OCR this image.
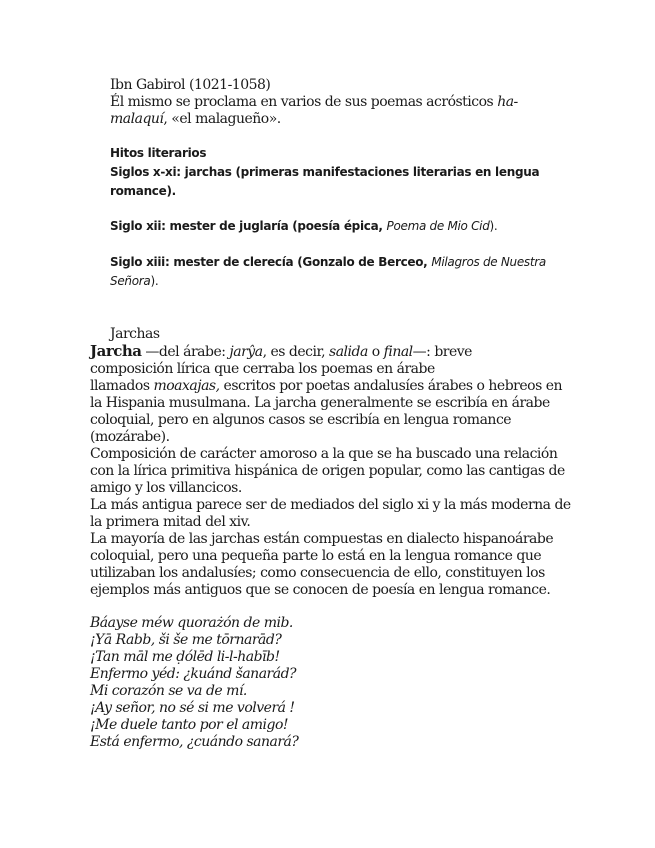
Ibn Gabirol (1021-1058)

Él mismo se proclama en varios de sus poemas acrósticos ha-

malaquí, «el malagueño».

Hitos literarios

Siglos x-xi: jarchas (primeras manifestaciones literarias en lengua

romance).

Siglo xii: mester de juglaría (poesía épica, Poema de Mio Cid).

Siglo xiii: mester de clerecía (Gonzalo de Berceo, Milagros de Nuestra

Señora).

Jarchas

Jarcha —del árabe: jarŷa, es decir, salida o final—: breve

composición lírica que cerraba los poemas en árabe

llamados moaxajas, escritos por poetas andalusíes árabes o hebreos en

la Hispania musulmana. La jarcha generalmente se escribía en árabe

coloquial, pero en algunos casos se escribía en lengua romance

(mozárabe).

Composición de carácter amoroso a la que se ha buscado una relación

con la lírica primitiva hispánica de origen popular, como las cantigas de

amigo y los villancicos.

La más antigua parece ser de mediados del siglo xi y la más moderna de

la primera mitad del xiv.

La mayoría de las jarchas están compuestas en dialecto hispanoárabe

coloquial, pero una pequeña parte lo está en la lengua romance que

utilizaban los andalusíes; como consecuencia de ello, constituyen los

ejemplos más antiguos que se conocen de poesía en lengua romance.

Báayse méw quorażón de mib.

¡Yā Rabb, ši še me tōrnarād?

¡Tan māl me ḍólēd li-l-habīb!

Enfermo yéd: ¿kuánd šanarád?

Mi corazón se va de mí.

¡Ay señor, no sé si me volverá !

¡Me duele tanto por el amigo!

Está enfermo, ¿cuándo sanará?
